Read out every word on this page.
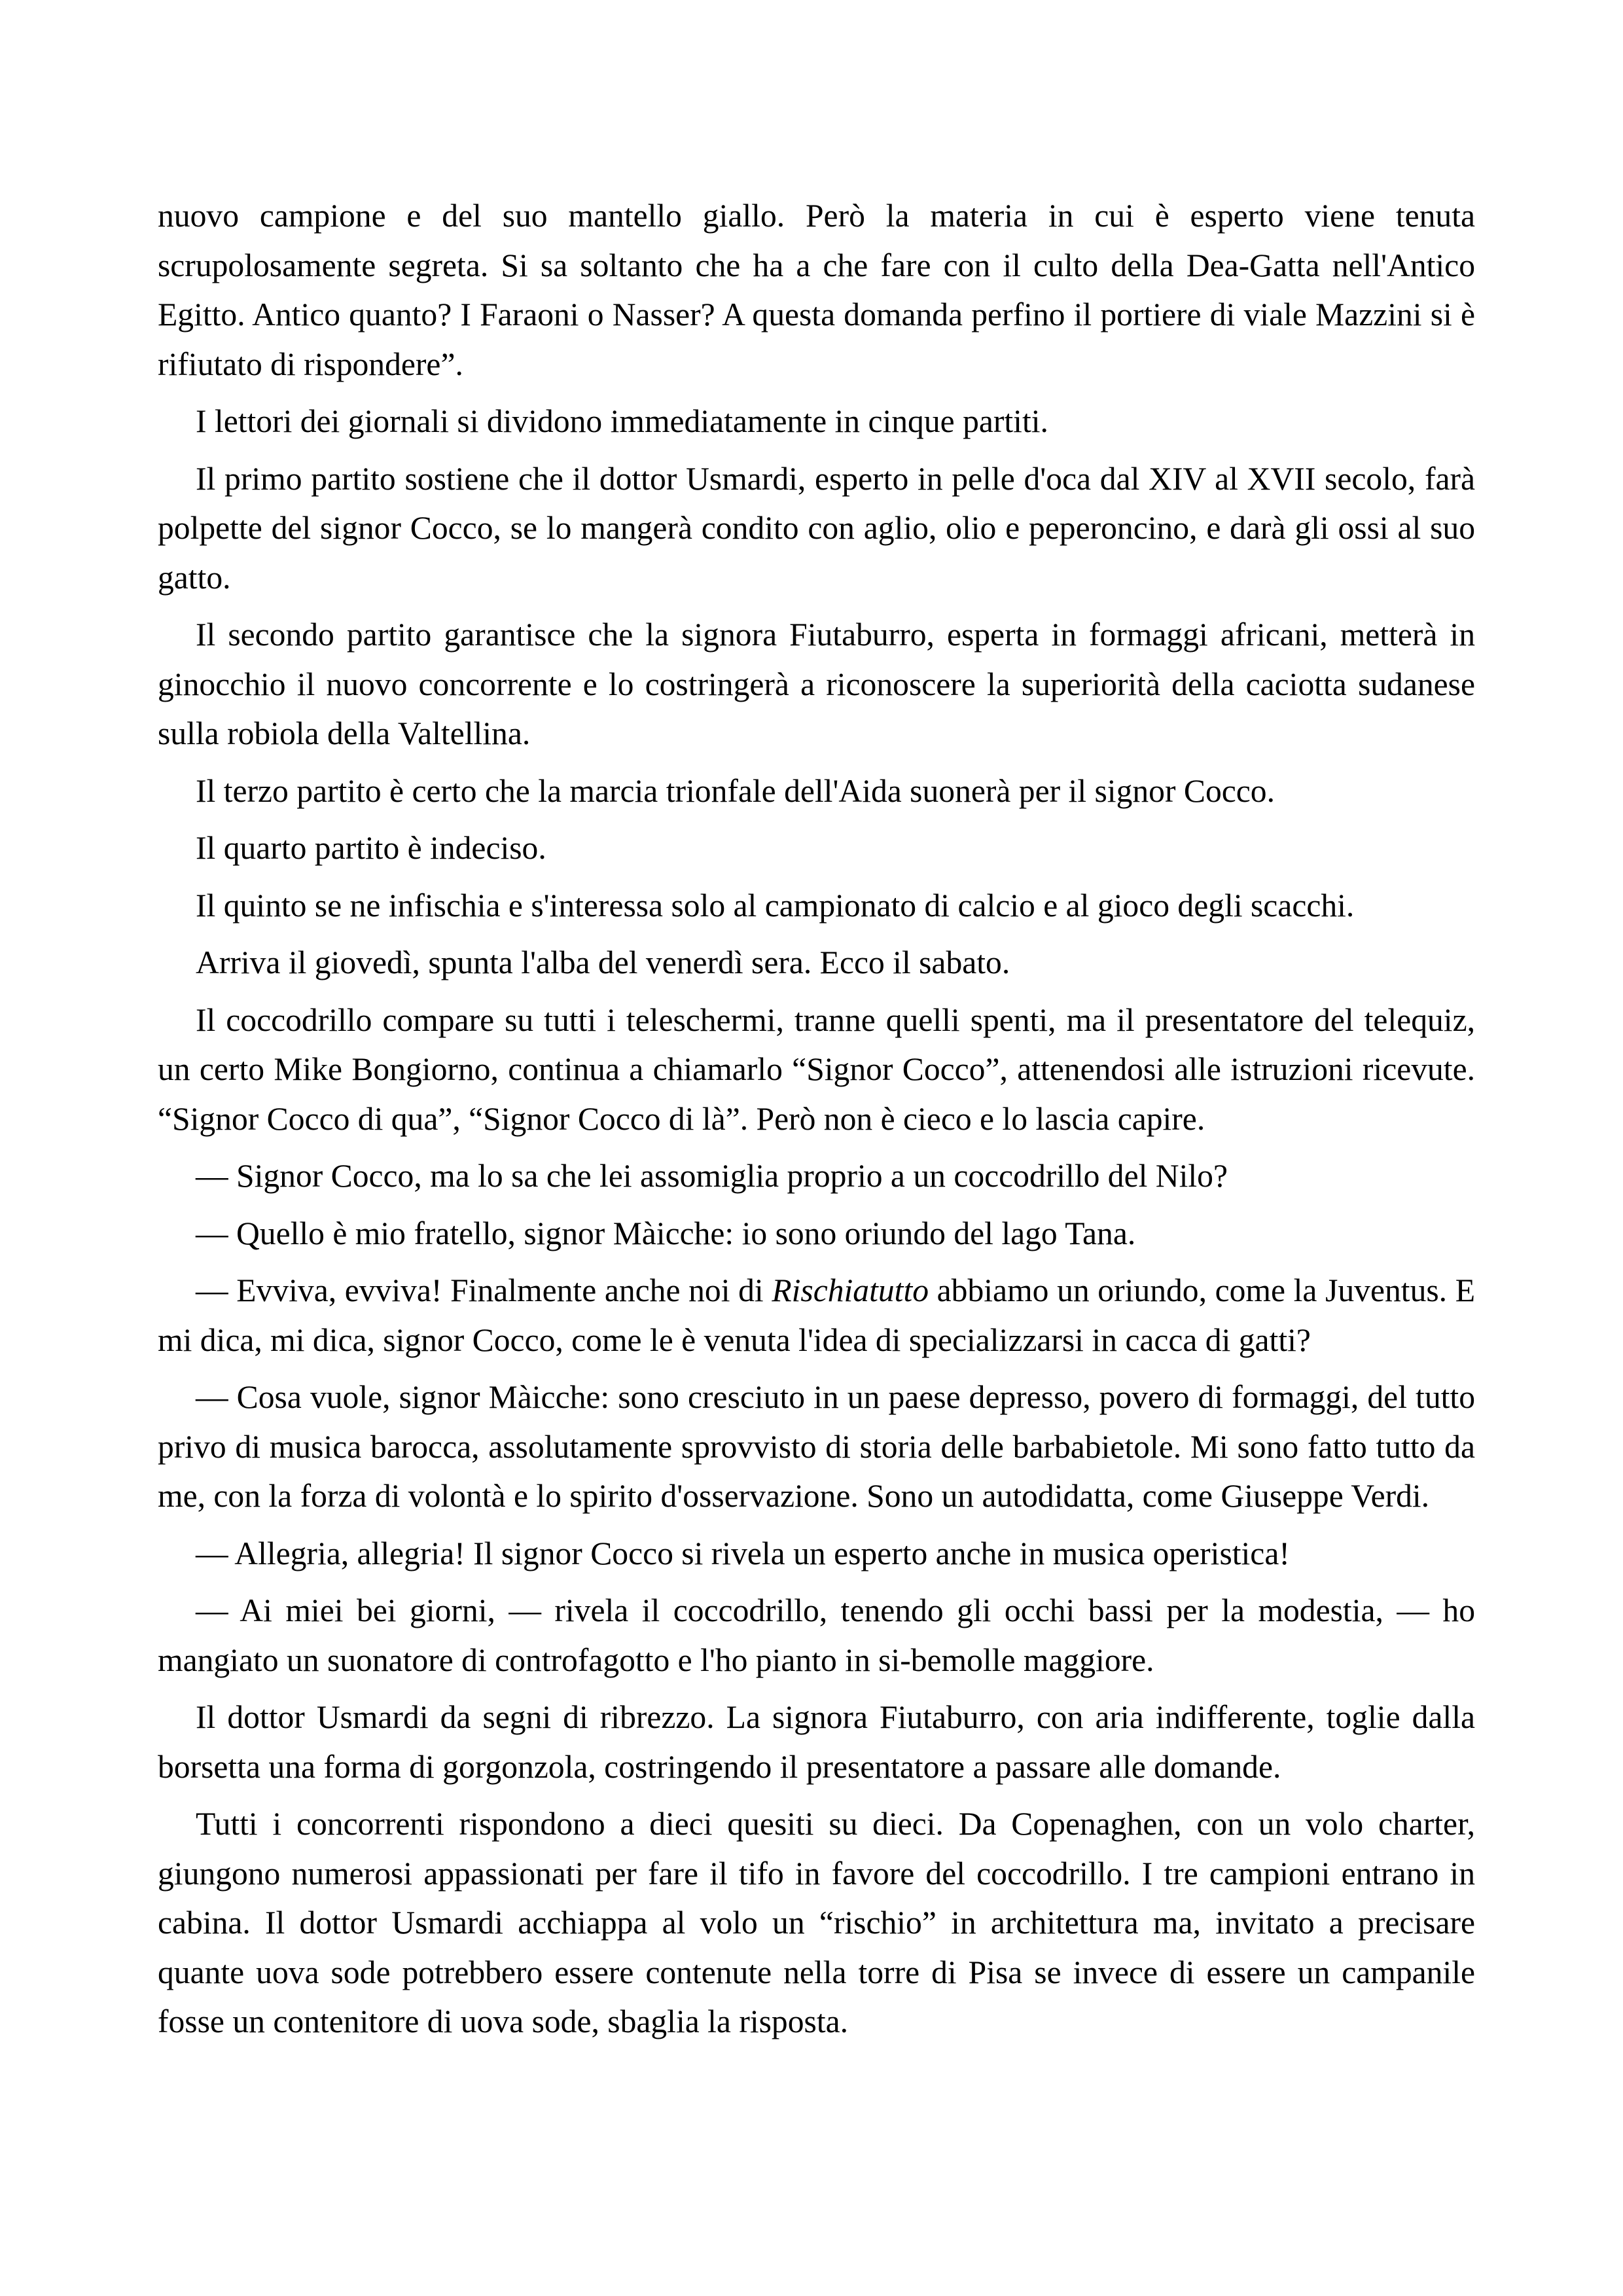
nuovo campione e del suo mantello giallo. Però la materia in cui è esperto viene tenuta scrupolosamente segreta. Si sa soltanto che ha a che fare con il culto della Dea-Gatta nell'Antico Egitto. Antico quanto? I Faraoni o Nasser? A questa domanda perfino il portiere di viale Mazzini si è rifiutato di rispondere”.

I lettori dei giornali si dividono immediatamente in cinque partiti.

Il primo partito sostiene che il dottor Usmardi, esperto in pelle d'oca dal XIV al XVII secolo, farà polpette del signor Cocco, se lo mangerà condito con aglio, olio e peperoncino, e darà gli ossi al suo gatto.

Il secondo partito garantisce che la signora Fiutaburro, esperta in formaggi africani, metterà in ginocchio il nuovo concorrente e lo costringerà a riconoscere la superiorità della caciotta sudanese sulla robiola della Valtellina.

Il terzo partito è certo che la marcia trionfale dell'Aida suonerà per il signor Cocco.

Il quarto partito è indeciso.

Il quinto se ne infischia e s'interessa solo al campionato di calcio e al gioco degli scacchi.

Arriva il giovedì, spunta l'alba del venerdì sera. Ecco il sabato.

Il coccodrillo compare su tutti i teleschermi, tranne quelli spenti, ma il presentatore del telequiz, un certo Mike Bongiorno, continua a chiamarlo “Signor Cocco”, attenendosi alle istruzioni ricevute. “Signor Cocco di qua”, “Signor Cocco di là”. Però non è cieco e lo lascia capire.

— Signor Cocco, ma lo sa che lei assomiglia proprio a un coccodrillo del Nilo?

— Quello è mio fratello, signor Màicche: io sono oriundo del lago Tana.

— Evviva, evviva! Finalmente anche noi di Rischiatutto abbiamo un oriundo, come la Juventus. E mi dica, mi dica, signor Cocco, come le è venuta l'idea di specializzarsi in cacca di gatti?

— Cosa vuole, signor Màicche: sono cresciuto in un paese depresso, povero di formaggi, del tutto privo di musica barocca, assolutamente sprovvisto di storia delle barbabietole. Mi sono fatto tutto da me, con la forza di volontà e lo spirito d'osservazione. Sono un autodidatta, come Giuseppe Verdi.

— Allegria, allegria! Il signor Cocco si rivela un esperto anche in musica operistica!

— Ai miei bei giorni, — rivela il coccodrillo, tenendo gli occhi bassi per la modestia, — ho mangiato un suonatore di controfagotto e l'ho pianto in si-bemolle maggiore.

Il dottor Usmardi da segni di ribrezzo. La signora Fiutaburro, con aria indifferente, toglie dalla borsetta una forma di gorgonzola, costringendo il presentatore a passare alle domande.

Tutti i concorrenti rispondono a dieci quesiti su dieci. Da Copenaghen, con un volo charter, giungono numerosi appassionati per fare il tifo in favore del coccodrillo. I tre campioni entrano in cabina. Il dottor Usmardi acchiappa al volo un “rischio” in architettura ma, invitato a precisare quante uova sode potrebbero essere contenute nella torre di Pisa se invece di essere un campanile fosse un contenitore di uova sode, sbaglia la risposta.
